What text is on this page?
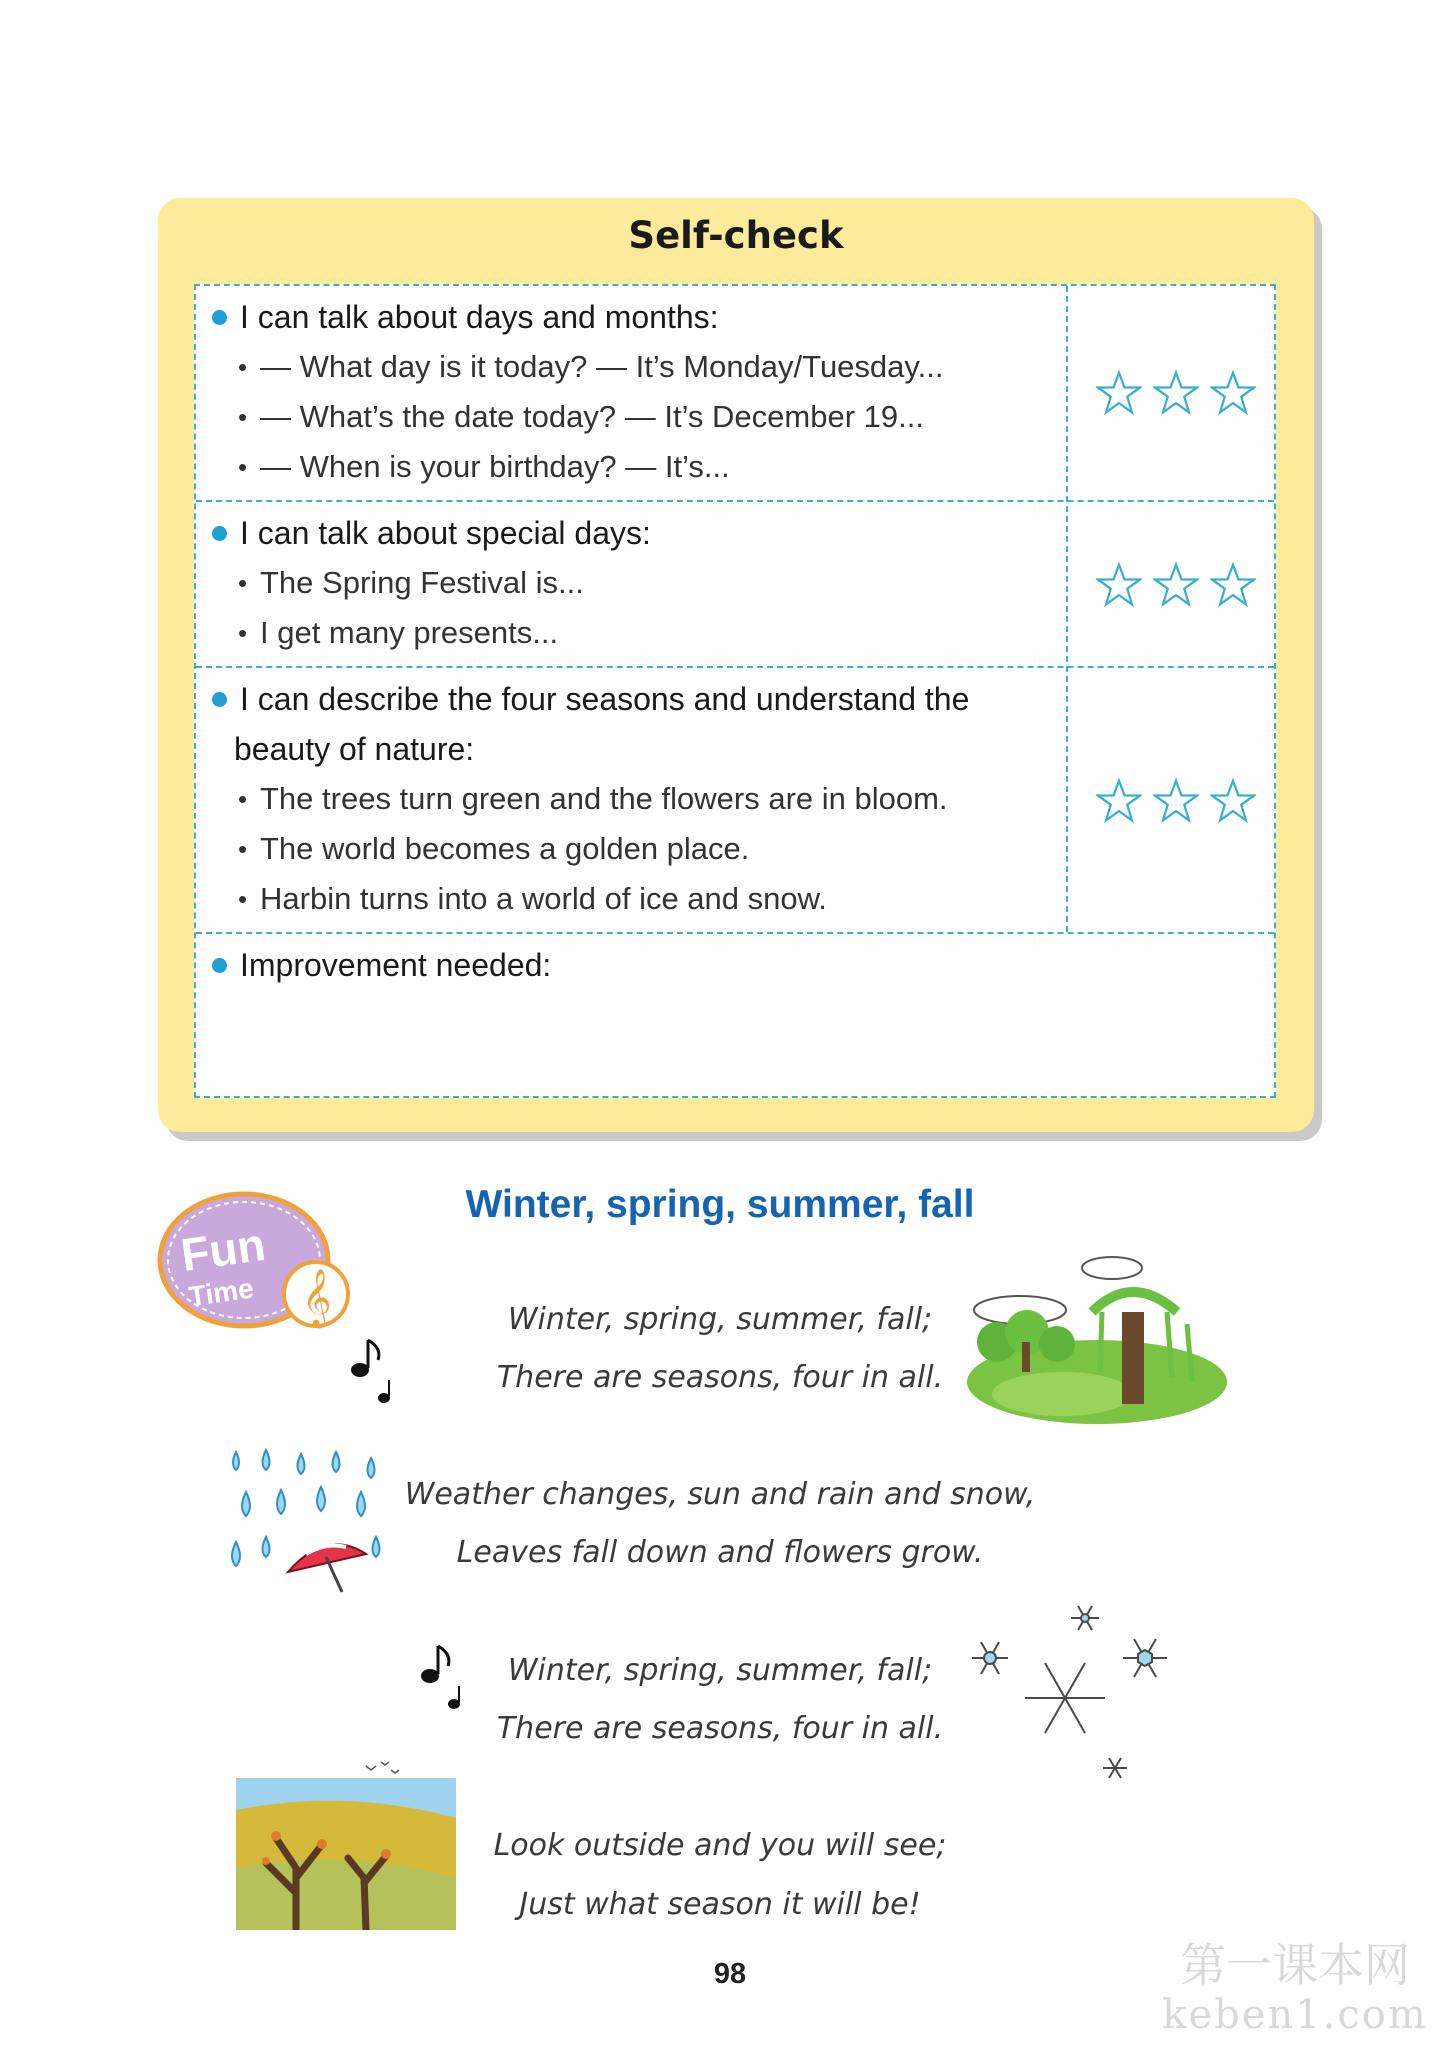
Self-check
I can talk about days and months:
• — What day is it today? — It’s Monday/Tuesday...
• — What’s the date today? — It’s December 19...
• — When is your birthday? — It’s...
I can talk about special days:
• The Spring Festival is...
• I get many presents...
I can describe the four seasons and understand the
beauty of nature:
• The trees turn green and the flowers are in bloom.
• The world becomes a golden place.
• Harbin turns into a world of ice and snow.
Improvement needed:
Fun
Time 𝄞
Winter, spring, summer, fall
Winter, spring, summer, fall;
There are seasons, four in all.
Weather changes, sun and rain and snow,
Leaves fall down and flowers grow.
Winter, spring, summer, fall;
There are seasons, four in all.
Look outside and you will see;
Just what season it will be!
98	第一课本网
keben1.com
